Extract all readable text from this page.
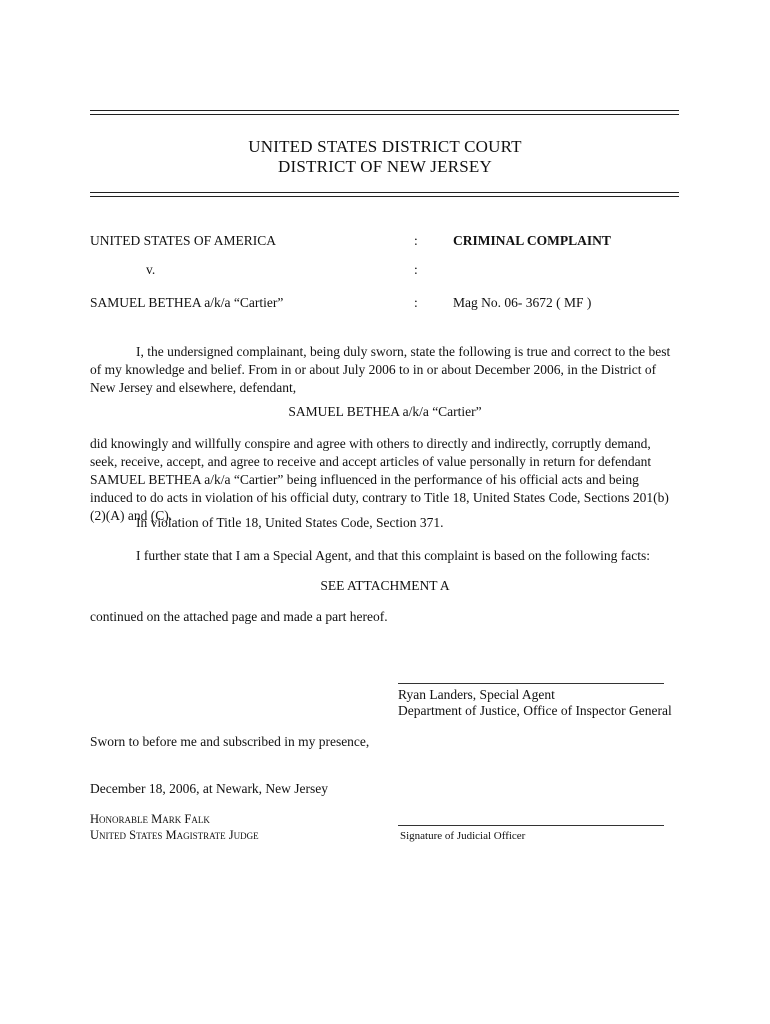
UNITED STATES DISTRICT COURT
DISTRICT OF NEW JERSEY
UNITED STATES OF AMERICA	:	CRIMINAL COMPLAINT
v.	:
SAMUEL BETHEA a/k/a “Cartier”	:	Mag No. 06- 3672 ( MF )
I, the undersigned complainant, being duly sworn, state the following is true and correct to the best of my knowledge and belief. From in or about July 2006 to in or about December 2006, in the District of New Jersey and elsewhere, defendant,
SAMUEL BETHEA a/k/a “Cartier”
did knowingly and willfully conspire and agree with others to directly and indirectly, corruptly demand, seek, receive, accept, and agree to receive and accept articles of value personally in return for defendant SAMUEL BETHEA a/k/a “Cartier” being influenced in the performance of his official acts and being induced to do acts in violation of his official duty, contrary to Title 18, United States Code, Sections 201(b)(2)(A) and (C).
In violation of Title 18, United States Code, Section 371.
I further state that I am a Special Agent, and that this complaint is based on the following facts:
SEE ATTACHMENT A
continued on the attached page and made a part hereof.
Ryan Landers, Special Agent
Department of Justice, Office of Inspector General
Sworn to before me and subscribed in my presence,
December 18, 2006, at Newark, New Jersey
Honorable Mark Falk
United States Magistrate Judge	Signature of Judicial Officer
